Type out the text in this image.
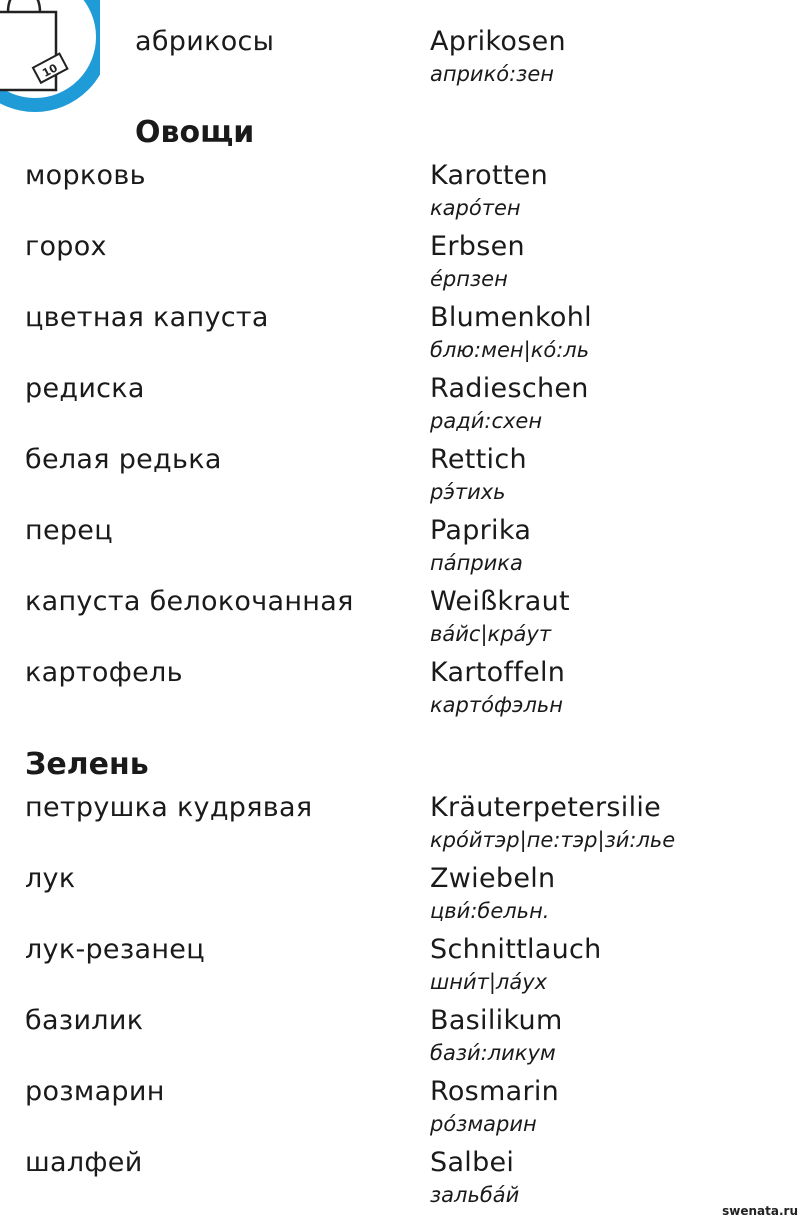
10
абрикосы	Aprikosen
априко́:зен
Овощи
морковь	Karotten
каро́тен
горох	Erbsen
е́рпзен
цветная капуста	Blumenkohl
блю:мен|ко́:ль
редиска	Radieschen
ради́:схен
белая редька	Rettich
рэ́тихь
перец	Paprika
па́прика
капуста белокочанная	Weißkraut
ва́йс|кра́ут
картофель	Kartoffeln
карто́фэльн
Зелень
петрушка кудрявая	Kräuterpetersilie
кро́йтэр|пе:тэр|зи́:лье
лук	Zwiebeln
цви́:бельн.
лук-резанец	Schnittlauch
шни́т|ла́ух
базилик	Basilikum
бази́:ликум
розмарин	Rosmarin
ро́змарин
шалфей	Salbei
зальба́й
swenata.ru
